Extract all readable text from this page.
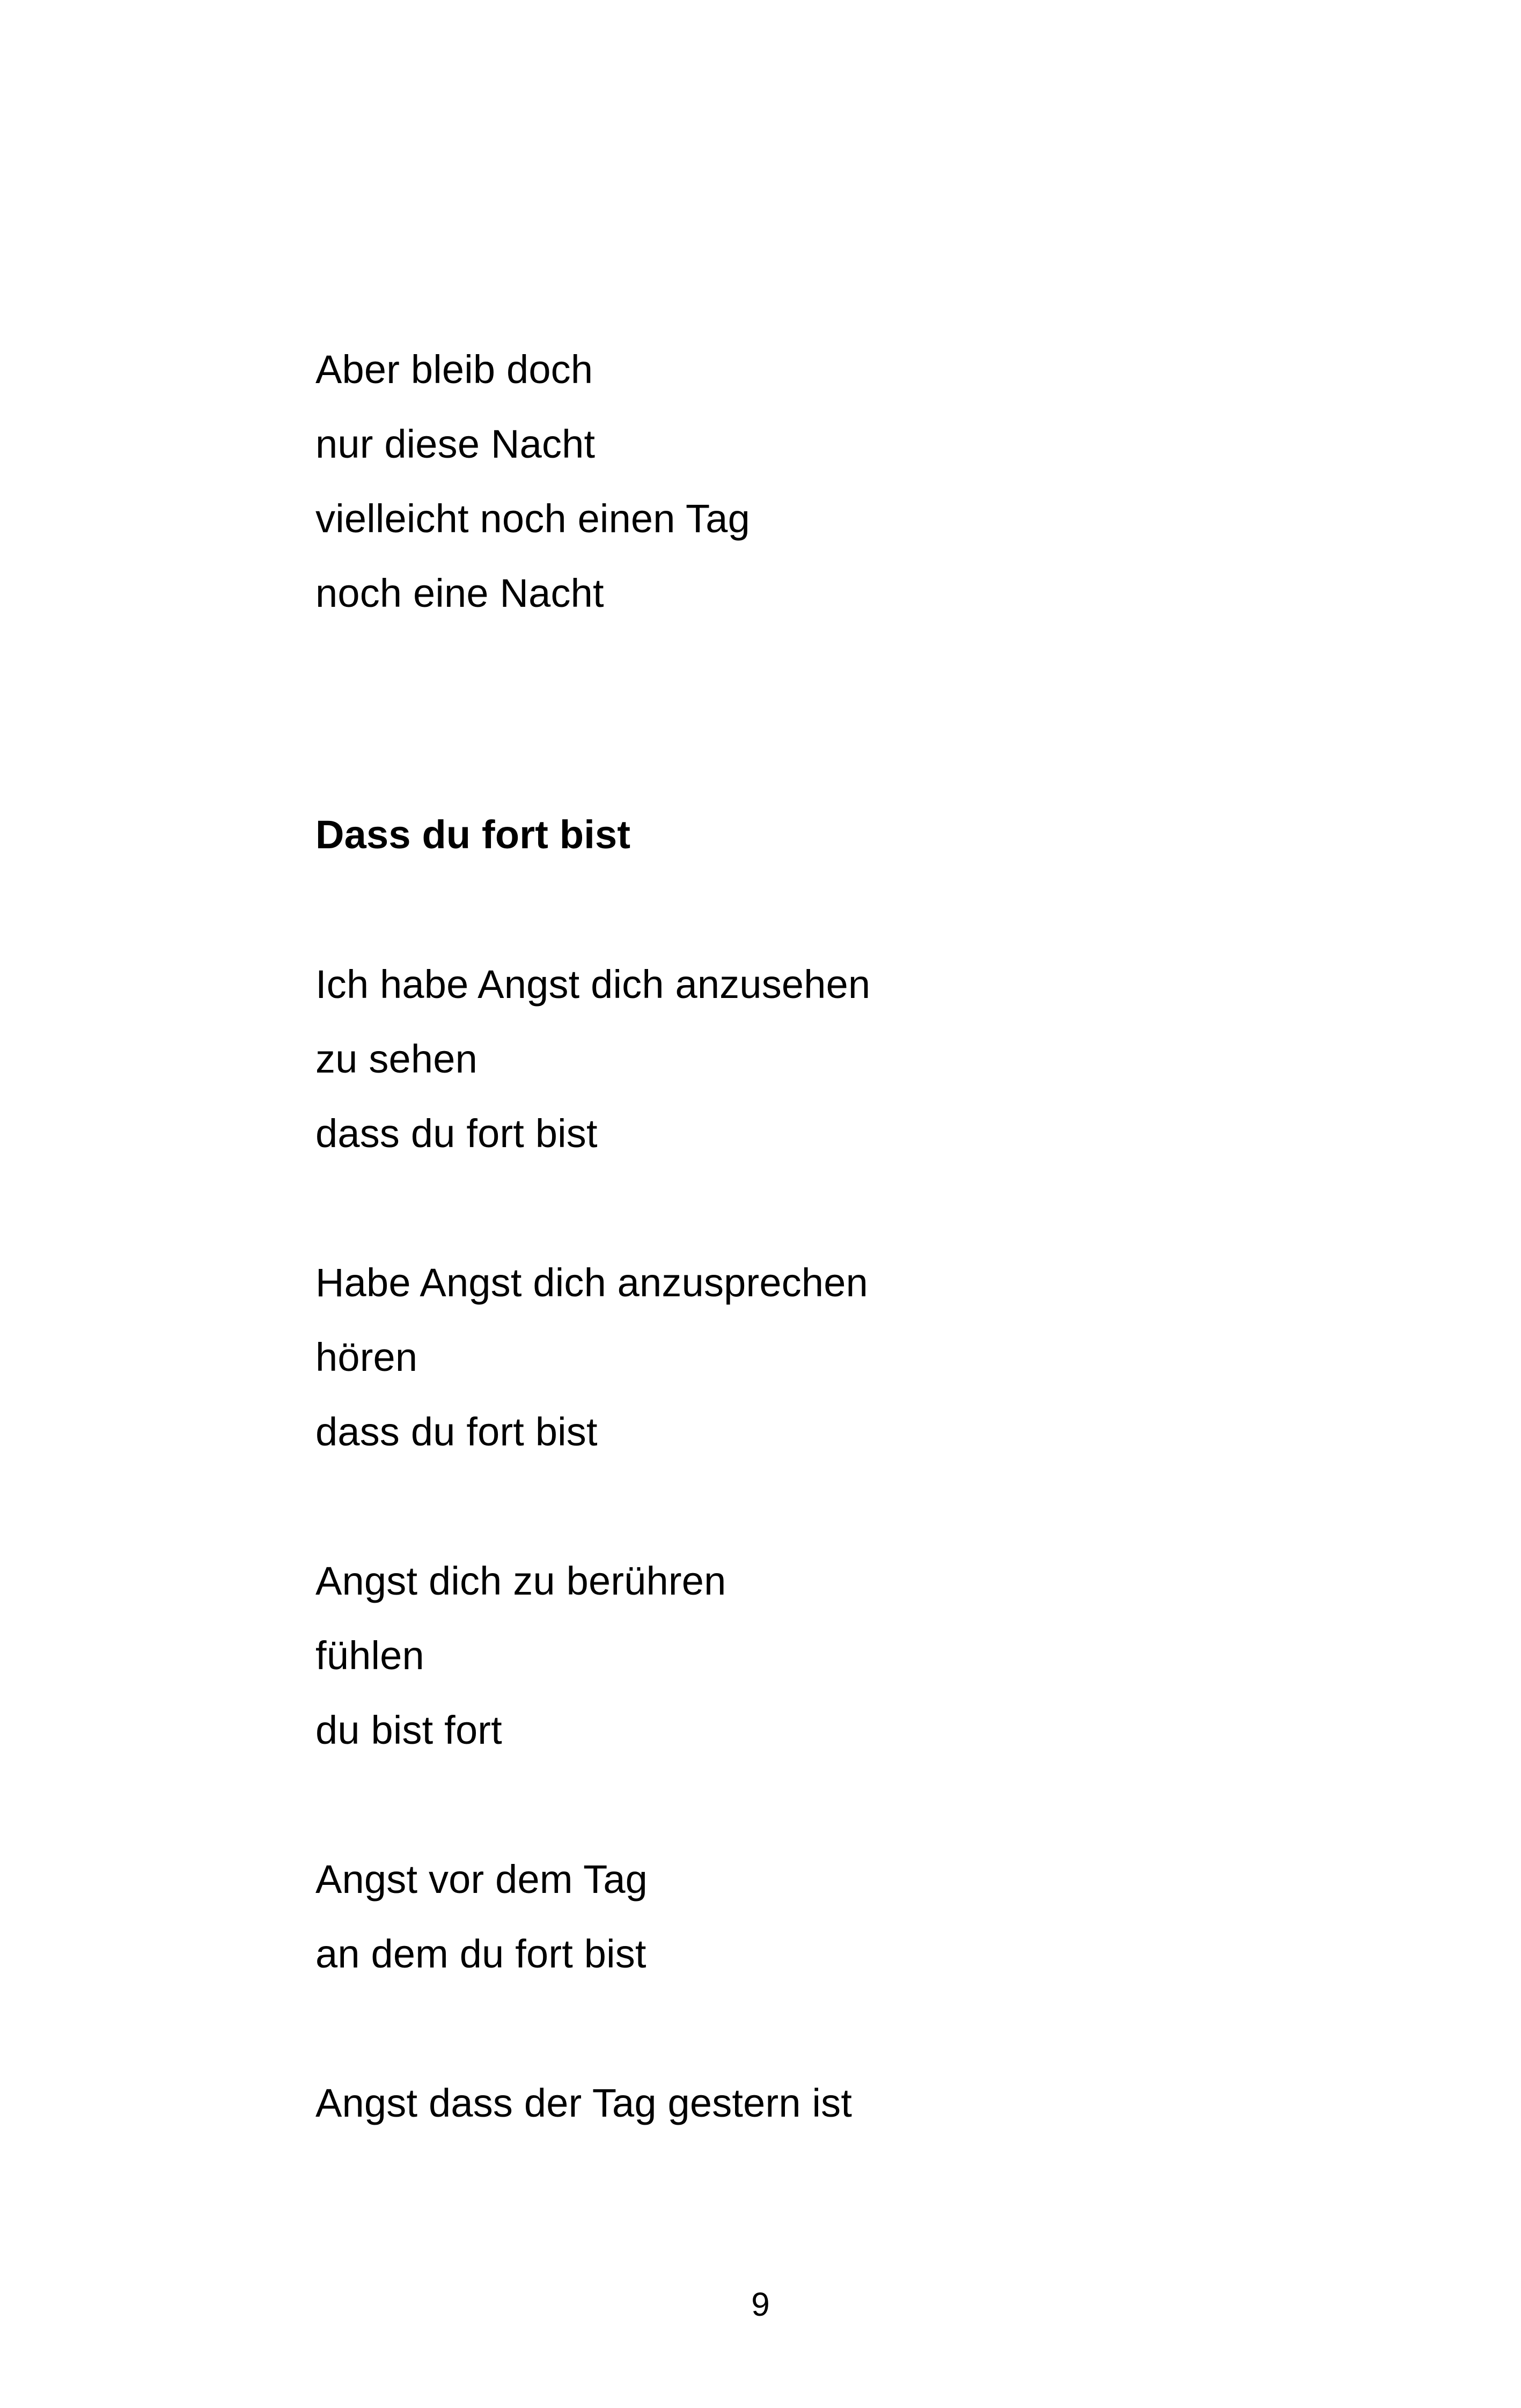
Aber bleib doch
nur diese Nacht
vielleicht noch einen Tag
noch eine Nacht
Dass du fort bist
Ich habe Angst dich anzusehen
zu sehen
dass du fort bist
Habe Angst dich anzusprechen
hören
dass du fort bist
Angst dich zu berühren
fühlen
du bist fort
Angst vor dem Tag
an dem du fort bist
Angst dass der Tag gestern ist
9
